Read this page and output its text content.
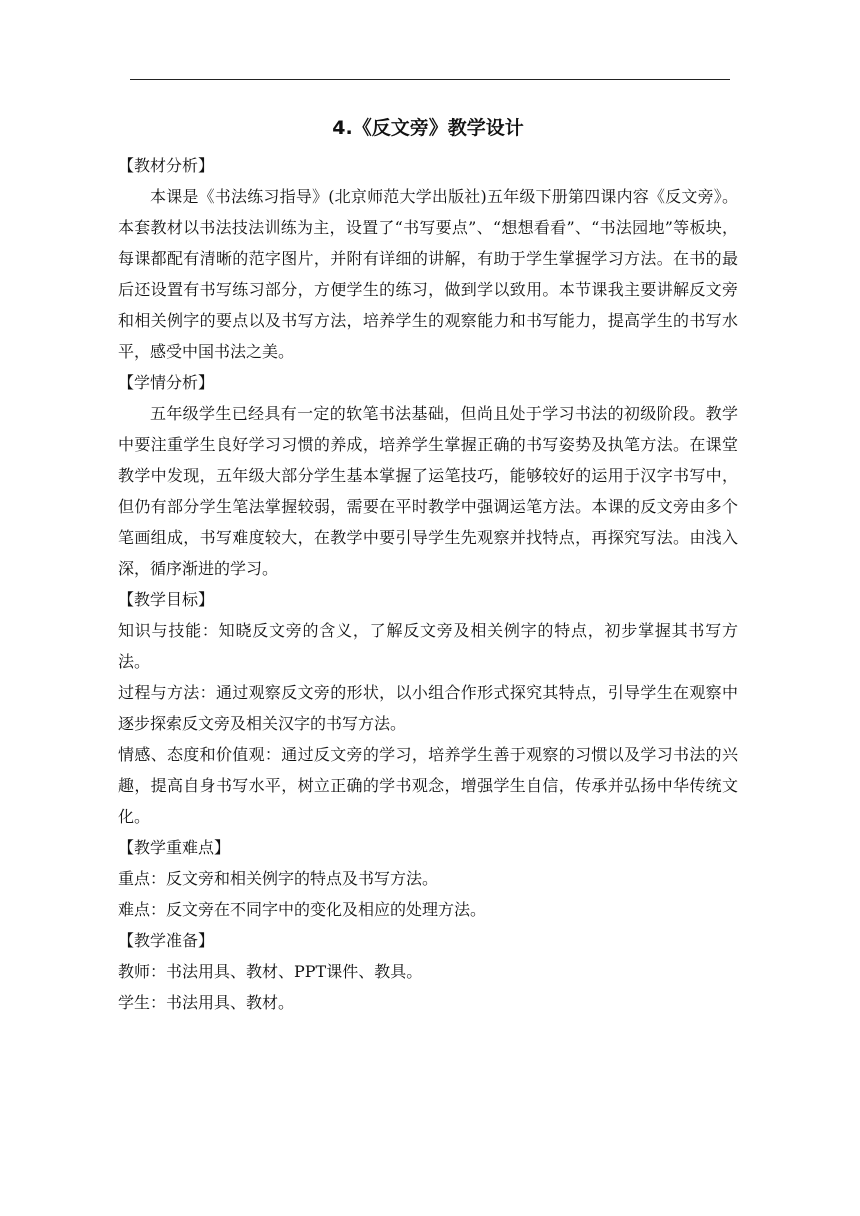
4.《反文旁》教学设计

【教材分析】

本课是《书法练习指导》(北京师范大学出版社)五年级下册第四课内容《反文旁》。本套教材以书法技法训练为主，设置了“书写要点”、“想想看看”、“书法园地”等板块，每课都配有清晰的范字图片，并附有详细的讲解，有助于学生掌握学习方法。在书的最后还设置有书写练习部分，方便学生的练习，做到学以致用。本节课我主要讲解反文旁和相关例字的要点以及书写方法，培养学生的观察能力和书写能力，提高学生的书写水平，感受中国书法之美。

【学情分析】

五年级学生已经具有一定的软笔书法基础，但尚且处于学习书法的初级阶段。教学中要注重学生良好学习习惯的养成，培养学生掌握正确的书写姿势及执笔方法。在课堂教学中发现，五年级大部分学生基本掌握了运笔技巧，能够较好的运用于汉字书写中，但仍有部分学生笔法掌握较弱，需要在平时教学中强调运笔方法。本课的反文旁由多个笔画组成，书写难度较大，在教学中要引导学生先观察并找特点，再探究写法。由浅入深，循序渐进的学习。

【教学目标】

知识与技能：知晓反文旁的含义，了解反文旁及相关例字的特点，初步掌握其书写方法。

过程与方法：通过观察反文旁的形状，以小组合作形式探究其特点，引导学生在观察中逐步探索反文旁及相关汉字的书写方法。

情感、态度和价值观：通过反文旁的学习，培养学生善于观察的习惯以及学习书法的兴趣，提高自身书写水平，树立正确的学书观念，增强学生自信，传承并弘扬中华传统文化。

【教学重难点】

重点：反文旁和相关例字的特点及书写方法。

难点：反文旁在不同字中的变化及相应的处理方法。

【教学准备】

教师：书法用具、教材、PPT课件、教具。

学生：书法用具、教材。
